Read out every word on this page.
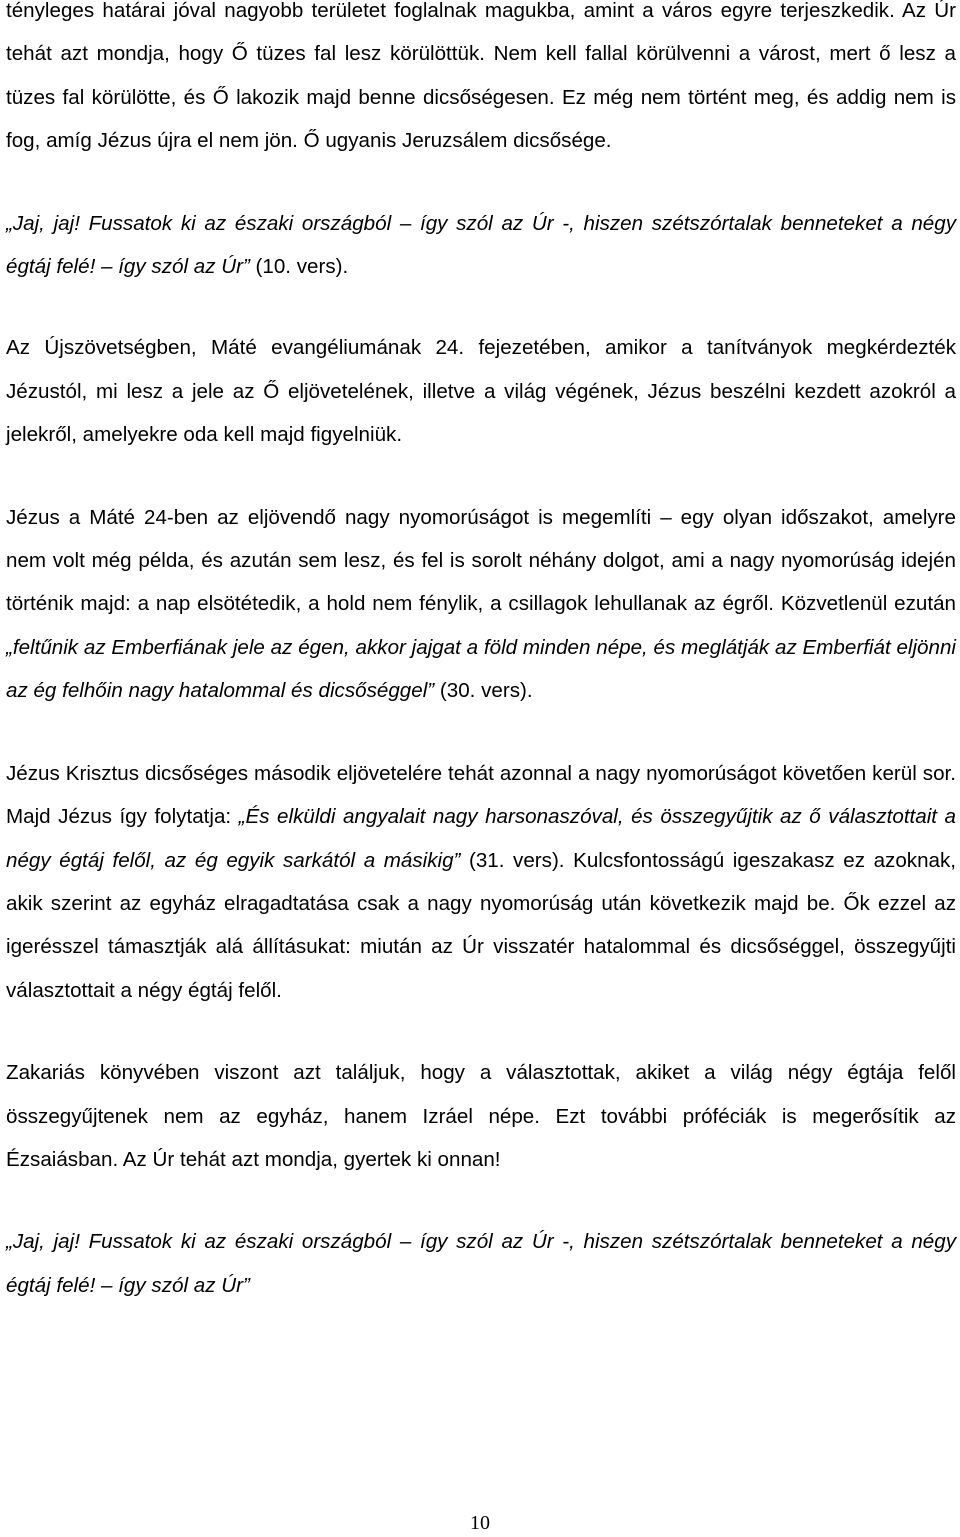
tényleges határai jóval nagyobb területet foglalnak magukba, amint a város egyre terjeszkedik. Az Úr tehát azt mondja, hogy Ő tüzes fal lesz körülöttük. Nem kell fallal körülvenni a várost, mert ő lesz a tüzes fal körülötte, és Ő lakozik majd benne dicsőségesen. Ez még nem történt meg, és addig nem is fog, amíg Jézus újra el nem jön. Ő ugyanis Jeruzsálem dicsősége.

„Jaj, jaj! Fussatok ki az északi országból – így szól az Úr -, hiszen szétszórtalak benneteket a négy égtáj felé! – így szól az Úr” (10. vers).

Az Újszövetségben, Máté evangéliumának 24. fejezetében, amikor a tanítványok megkérdezték Jézustól, mi lesz a jele az Ő eljövetelének, illetve a világ végének, Jézus beszélni kezdett azokról a jelekről, amelyekre oda kell majd figyelniük.

Jézus a Máté 24-ben az eljövendő nagy nyomorúságot is megemlíti – egy olyan időszakot, amelyre nem volt még példa, és azután sem lesz, és fel is sorolt néhány dolgot, ami a nagy nyomorúság idején történik majd: a nap elsötétedik, a hold nem fénylik, a csillagok lehullanak az égről. Közvetlenül ezután „feltűnik az Emberfiának jele az égen, akkor jajgat a föld minden népe, és meglátják az Emberfiát eljönni az ég felhőin nagy hatalommal és dicsőséggel” (30. vers).

Jézus Krisztus dicsőséges második eljövetelére tehát azonnal a nagy nyomorúságot követően kerül sor. Majd Jézus így folytatja: „És elküldi angyalait nagy harsonaszóval, és összegyűjtik az ő választottait a négy égtáj felől, az ég egyik sarkától a másikig” (31. vers). Kulcsfontosságú igeszakasz ez azoknak, akik szerint az egyház elragadtatása csak a nagy nyomorúság után következik majd be. Ők ezzel az igerésszel támasztják alá állításukat: miután az Úr visszatér hatalommal és dicsőséggel, összegyűjti választottait a négy égtáj felől.

Zakariás könyvében viszont azt találjuk, hogy a választottak, akiket a világ négy égtája felől összegyűjtenek nem az egyház, hanem Izráel népe. Ezt további próféciák is megerősítik az Ézsaiásban. Az Úr tehát azt mondja, gyertek ki onnan!

„Jaj, jaj! Fussatok ki az északi országból – így szól az Úr -, hiszen szétszórtalak benneteket a négy égtáj felé! – így szól az Úr”

10
